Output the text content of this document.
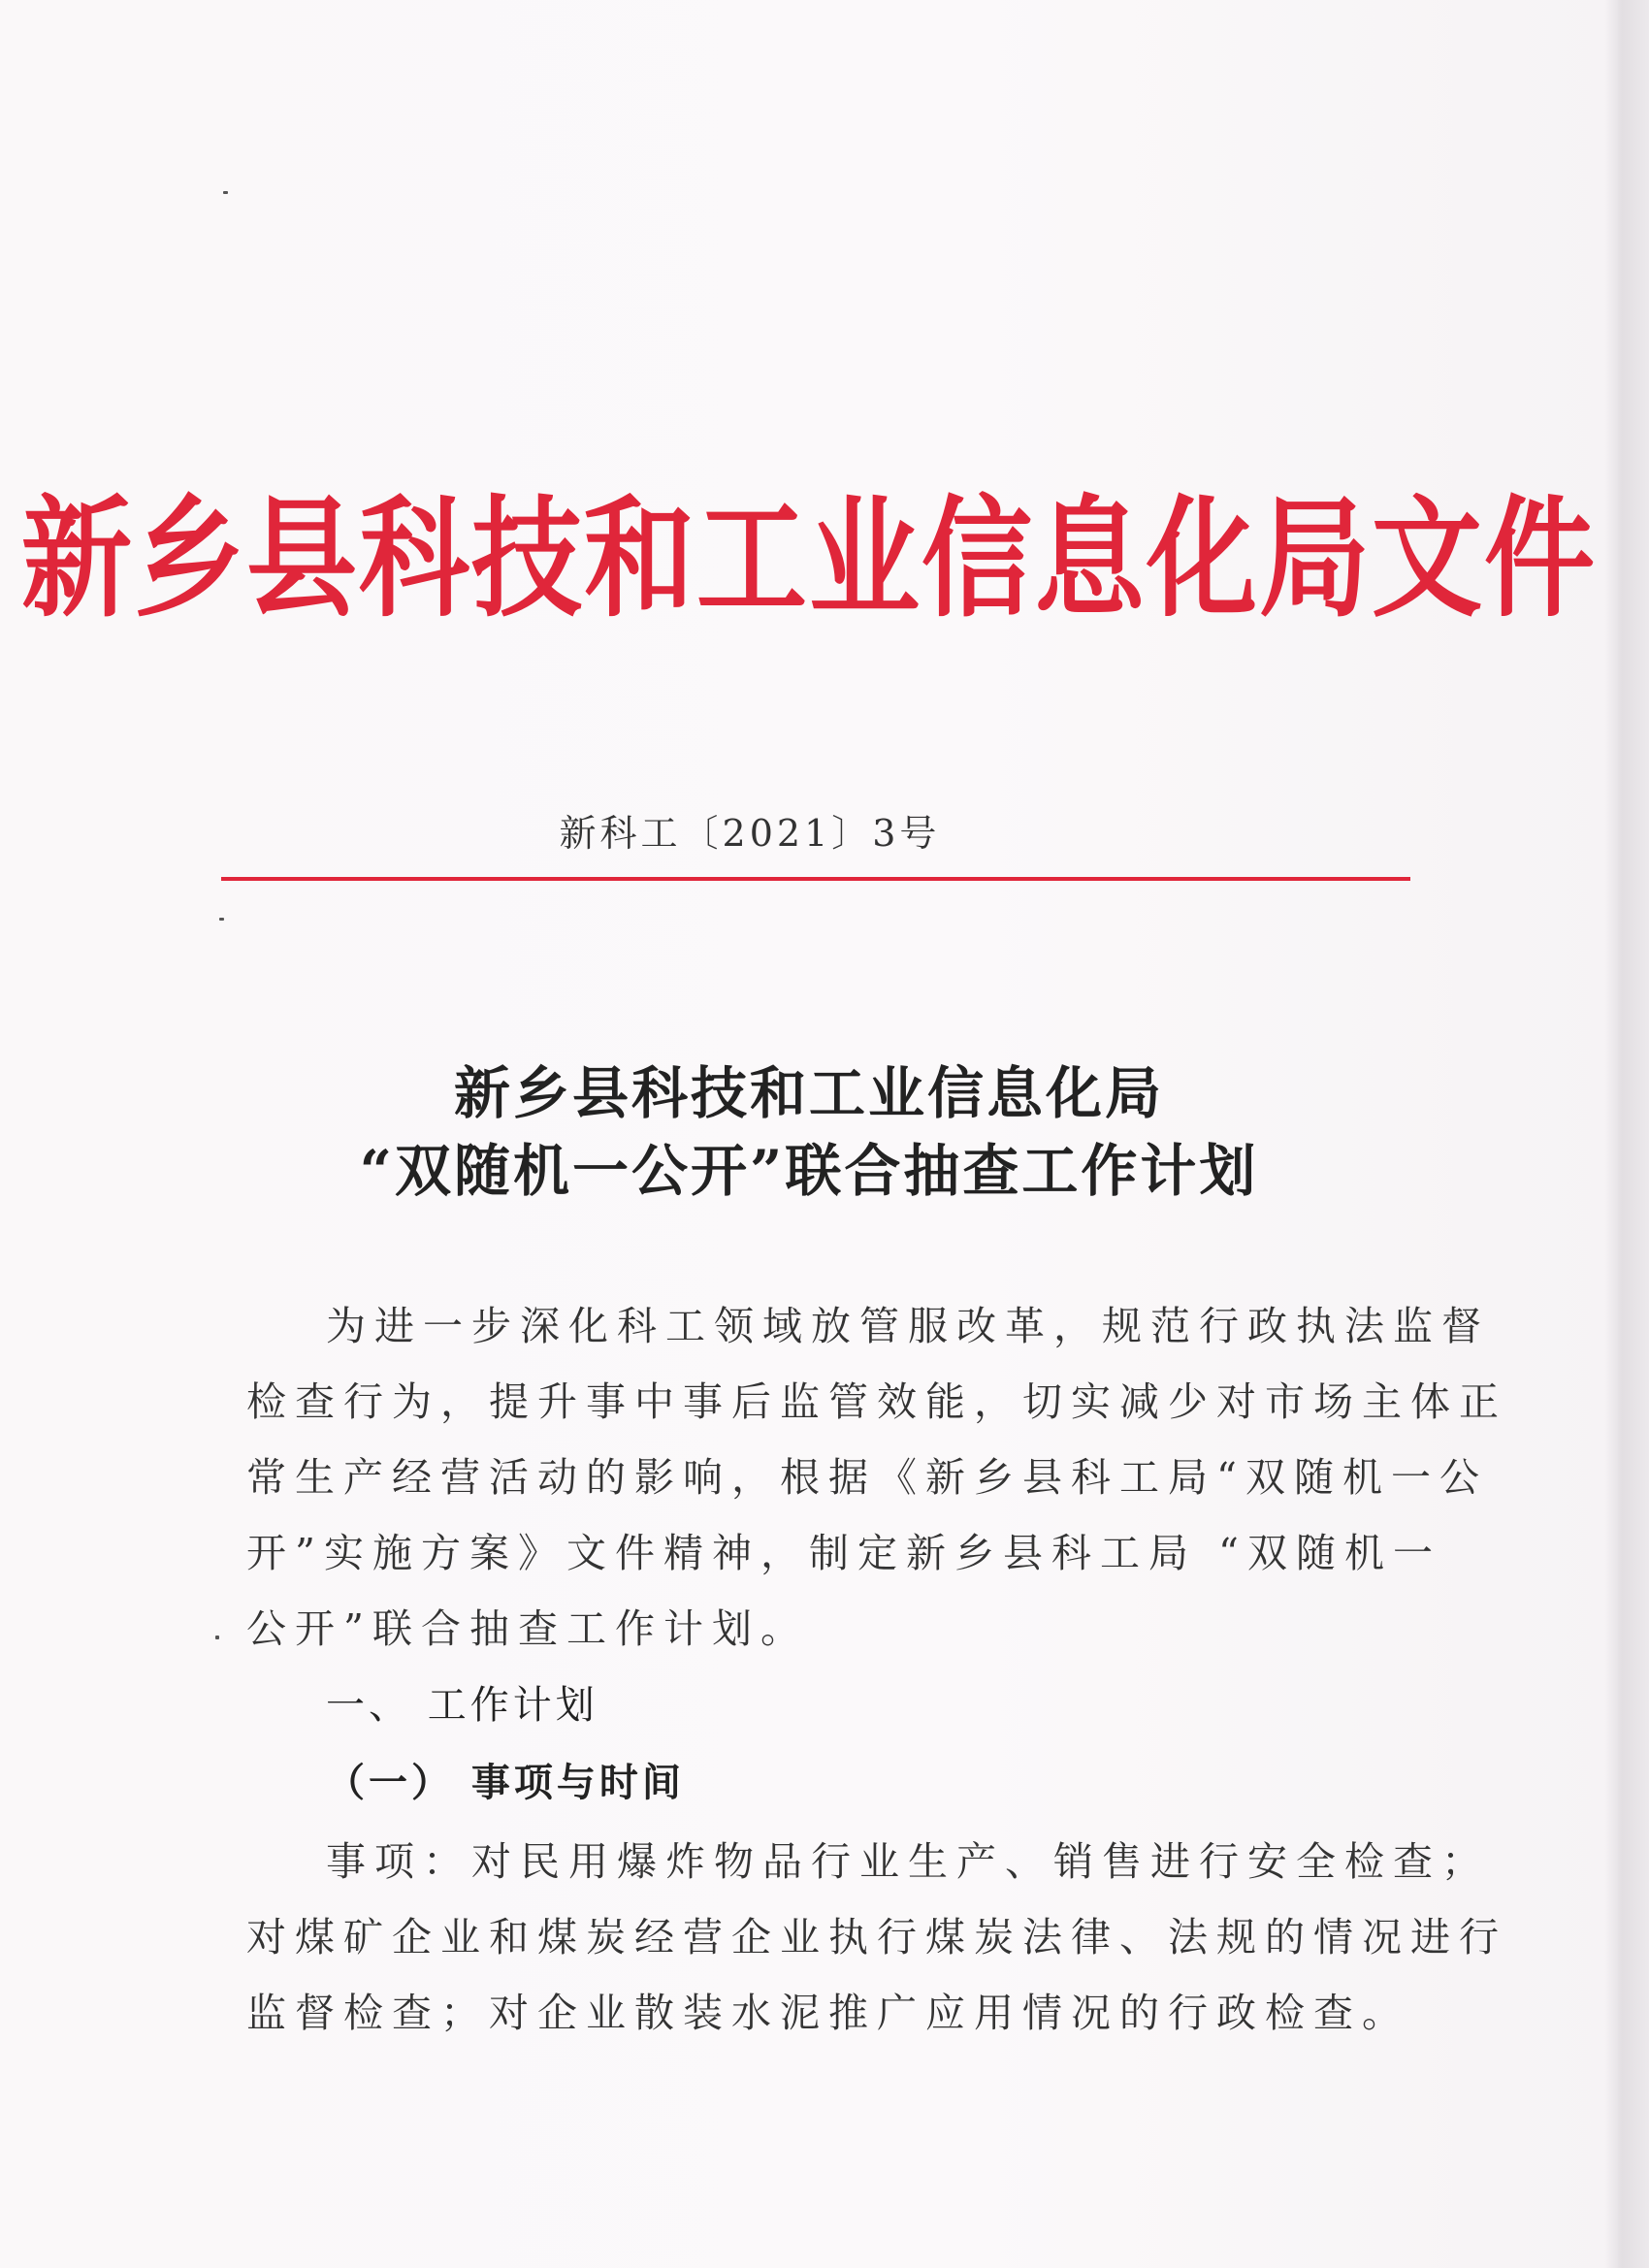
新乡县科技和工业信息化局文件
新科工〔2021〕3号
新乡县科技和工业信息化局
“双随机一公开”联合抽查工作计划
为进一步深化科工领域放管服改革，规范行政执法监督
检查行为，提升事中事后监管效能，切实减少对市场主体正
常生产经营活动的影响，根据《新乡县科工局“双随机一公
开”实施方案》文件精神，制定新乡县科工局 “双随机一
公开”联合抽查工作计划。
一、 工作计划
（一） 事项与时间
事项：对民用爆炸物品行业生产、销售进行安全检查；
对煤矿企业和煤炭经营企业执行煤炭法律、法规的情况进行
监督检查；对企业散装水泥推广应用情况的行政检查。
